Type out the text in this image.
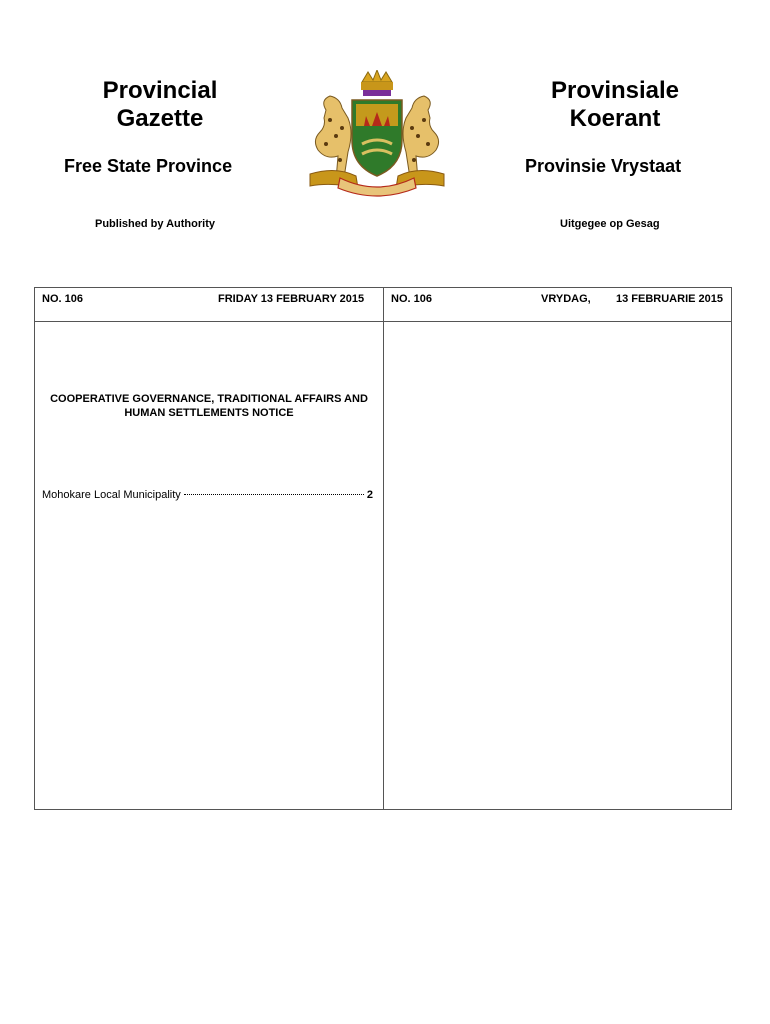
Provincial Gazette
Provinsiale Koerant
Free State Province	Provinsie Vrystaat
Published by Authority	Uitgegee op Gesag
NO. 106	FRIDAY 13 FEBRUARY 2015 NO. 106	VRYDAG, 13 FEBRUARIE 2015
COOPERATIVE GOVERNANCE, TRADITIONAL AFFAIRS AND HUMAN SETTLEMENTS NOTICE
Mohokare Local Municipality	2
